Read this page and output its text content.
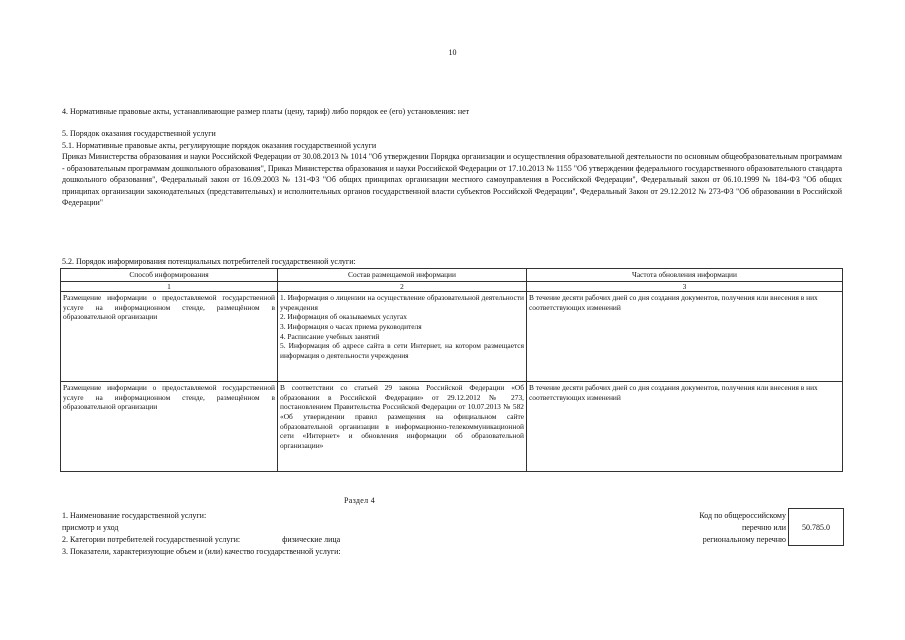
10
4. Нормативные правовые акты, устанавливающие размер платы (цену, тариф) либо порядок ее (его) установления: нет
5. Порядок оказания государственной услуги
5.1. Нормативные правовые акты, регулирующие порядок оказания государственной услуги
Приказ Министерства образования и науки Российской Федерации от 30.08.2013 № 1014 "Об утверждении Порядка организации и осуществления образовательной деятельности по основным общеобразовательным программам - образовательным программам дошкольного образования", Приказ Министерства образования и науки Российской Федерации от 17.10.2013 № 1155 "Об утверждении федерального государственного образовательного стандарта дошкольного образования", Федеральный закон от 16.09.2003 № 131-ФЗ "Об общих принципах организации местного самоуправления в Российской Федерации", Федеральный закон от 06.10.1999 № 184-ФЗ "Об общих принципах организации законодательных (представительных) и исполнительных органов государственной власти субъектов Российской Федерации", Федеральный Закон от 29.12.2012 № 273-ФЗ "Об образовании в Российской Федерации"
5.2. Порядок информирования потенциальных потребителей государственной услуги:
Способ информирования	Состав размещаемой информации	Частота обновления информации
1	2	3
Размещение информации о предоставляемой государственной услуге на информационном стенде, размещённом в образовательной организации	1. Информация о лицензии на осуществление образовательной деятельности учреждения
2. Информация об оказываемых услугах
3. Информация о часах приема руководителя
4. Расписание учебных занятий
5. Информация об адресе сайта в сети Интернет, на котором размещается информация о деятельности учреждения	В течение десяти рабочих дней со дня создания документов, получения или внесения в них соответствующих изменений
Размещение информации о предоставляемой государственной услуге на информационном стенде, размещённом в образовательной организации	В соответствии со статьей 29 закона Российской Федерации «Об образовании в Российской Федерации» от 29.12.2012 № 273, постановлением Правительства Российской Федерации от 10.07.2013 № 582 «Об утверждении правил размещения на официальном сайте образовательной организации в информационно-телекоммуникационной сети «Интернет» и обновления информации об образовательной организации»	В течение десяти рабочих дней со дня создания документов, получения или внесения в них соответствующих изменений
Раздел 4
1. Наименование государственной услуги:
присмотр и уход
2. Категории потребителей государственной услуги:	физические лица
3. Показатели, характеризующие объем и (или) качество государственной услуги:
Код по общероссийскому
перечню или
региональному перечню
50.785.0
